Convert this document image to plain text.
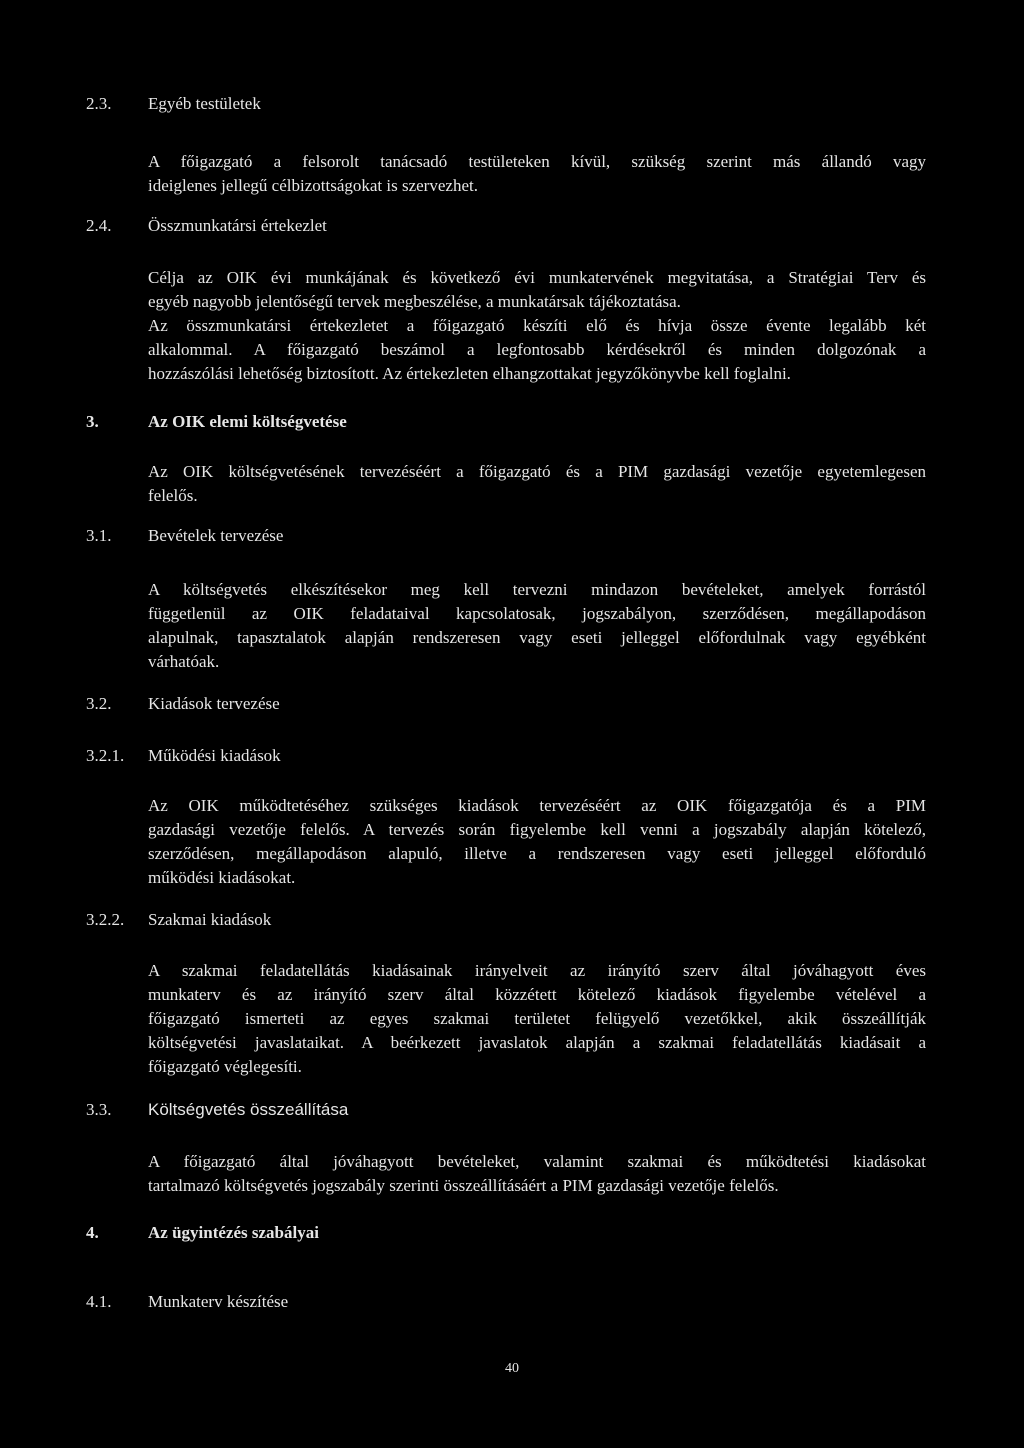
2.3. Egyéb testületek
A főigazgató a felsorolt tanácsadó testületeken kívül, szükség szerint más állandó vagy
ideiglenes jellegű célbizottságokat is szervezhet.
2.4. Összmunkatársi értekezlet
Célja az OIK évi munkájának és következő évi munkatervének megvitatása, a Stratégiai Terv és
egyéb nagyobb jelentőségű tervek megbeszélése, a munkatársak tájékoztatása.
Az összmunkatársi értekezletet a főigazgató készíti elő és hívja össze évente legalább két
alkalommal. A főigazgató beszámol a legfontosabb kérdésekről és minden dolgozónak a
hozzászólási lehetőség biztosított. Az értekezleten elhangzottakat jegyzőkönyvbe kell foglalni.
3.	Az OIK elemi költségvetése
Az OIK költségvetésének tervezéséért a főigazgató és a PIM gazdasági vezetője egyetemlegesen
felelős.
3.1. Bevételek tervezése
A költségvetés elkészítésekor meg kell tervezni mindazon bevételeket, amelyek forrástól
függetlenül az OIK feladataival kapcsolatosak, jogszabályon, szerződésen, megállapodáson
alapulnak, tapasztalatok alapján rendszeresen vagy eseti jelleggel előfordulnak vagy egyébként
várhatóak.
3.2. Kiadások tervezése
3.2.1. Működési kiadások
Az OIK működtetéséhez szükséges kiadások tervezéséért az OIK főigazgatója és a PIM
gazdasági vezetője felelős. A tervezés során figyelembe kell venni a jogszabály alapján kötelező,
szerződésen, megállapodáson alapuló, illetve a rendszeresen vagy eseti jelleggel előforduló
működési kiadásokat.
3.2.2. Szakmai kiadások
A szakmai feladatellátás kiadásainak irányelveit az irányító szerv által jóváhagyott éves
munkaterv és az irányító szerv által közzétett kötelező kiadások figyelembe vételével a
főigazgató ismerteti az egyes szakmai területet felügyelő vezetőkkel, akik összeállítják
költségvetési javaslataikat. A beérkezett javaslatok alapján a szakmai feladatellátás kiadásait a
főigazgató véglegesíti.
3.3. Költségvetés összeállítása
A főigazgató által jóváhagyott bevételeket, valamint szakmai és működtetési kiadásokat
tartalmazó költségvetés jogszabály szerinti összeállításáért a PIM gazdasági vezetője felelős.
4.	Az ügyintézés szabályai
4.1. Munkaterv készítése
40
